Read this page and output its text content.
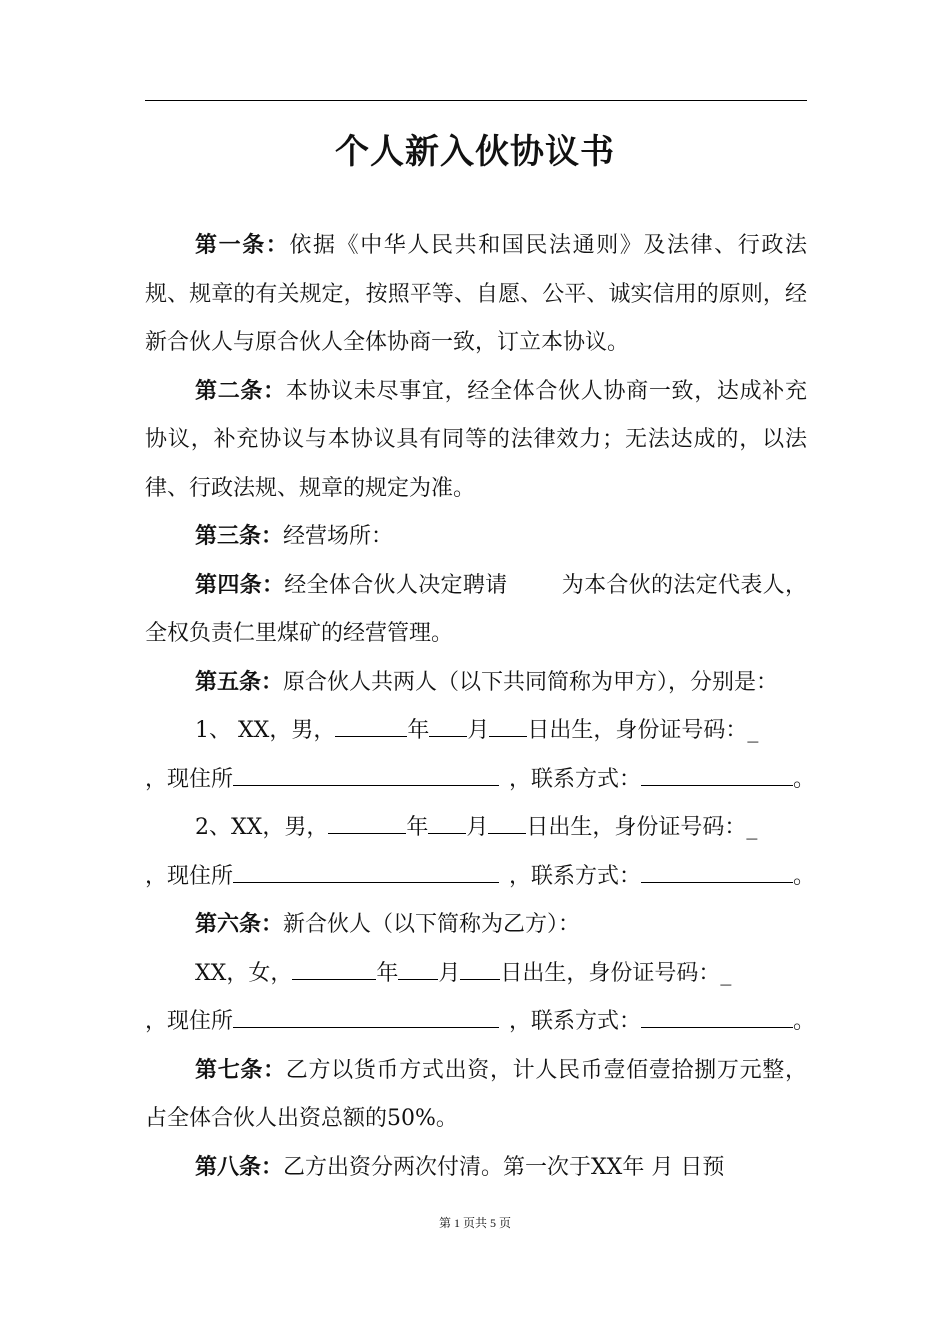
个人新入伙协议书

第一条：依据《中华人民共和国民法通则》及法律、行政法规、规章的有关规定，按照平等、自愿、公平、诚实信用的原则，经新合伙人与原合伙人全体协商一致，订立本协议。

第二条：本协议未尽事宜，经全体合伙人协商一致，达成补充协议，补充协议与本协议具有同等的法律效力；无法达成的，以法律、行政法规、规章的规定为准。

第三条：经营场所：

第四条：经全体合伙人决定聘请 为本合伙的法定代表人，全权负责仁里煤矿的经营管理。

第五条：原合伙人共两人（以下共同简称为甲方），分别是：

1、 XX，男，	年 月 日出生，身份证号码：_
，现住所	，联系方式：	。
2、XX，男，	年 月 日出生，身份证号码：_
，现住所	，联系方式：	。

第六条：新合伙人（以下简称为乙方）：

XX，女，	年 月 日出生，身份证号码：_
，现住所	，联系方式：	。

第七条：乙方以货币方式出资，计人民币壹佰壹拾捌万元整，占全体合伙人出资总额的50%。

第八条：乙方出资分两次付清。第一次于XX年 月 日预

第 1 页共 5 页
